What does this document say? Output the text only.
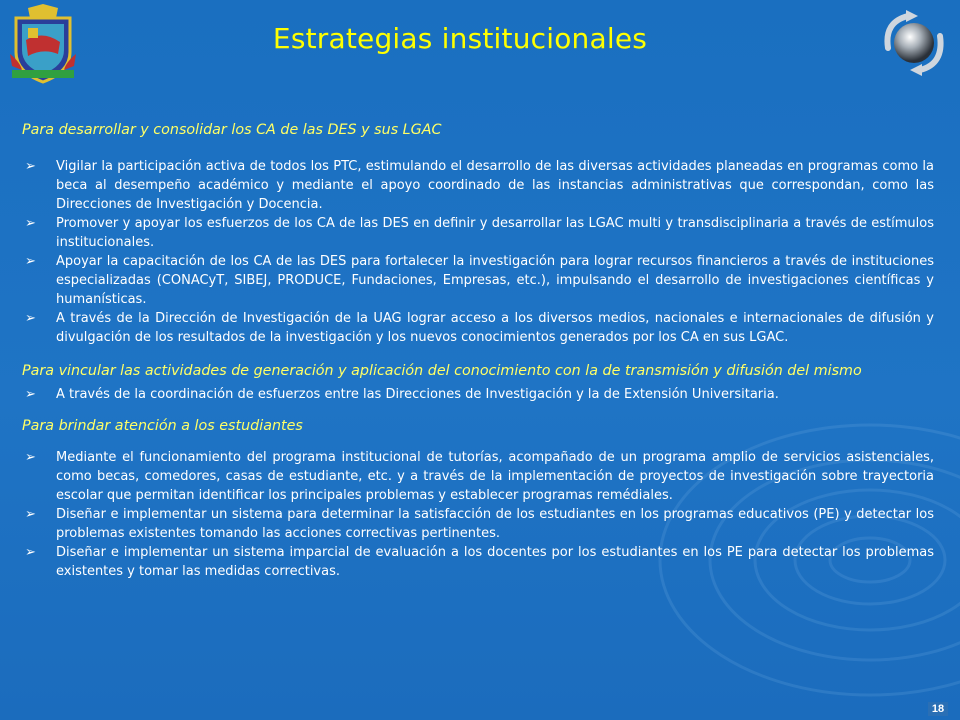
Estrategias institucionales
Para desarrollar y consolidar los CA de las DES y sus LGAC
➢ Vigilar la participación activa de todos los PTC, estimulando el desarrollo de las diversas actividades planeadas en programas como la beca al desempeño académico y mediante el apoyo coordinado de las instancias administrativas que correspondan, como las Direcciones de Investigación y Docencia.
➢ Promover y apoyar los esfuerzos de los CA de las DES en definir y desarrollar las LGAC multi y transdisciplinaria a través de estímulos institucionales.
➢ Apoyar la capacitación de los CA de las DES para fortalecer la investigación para lograr recursos financieros a través de instituciones especializadas (CONACyT, SIBEJ, PRODUCE, Fundaciones, Empresas, etc.), impulsando el desarrollo de investigaciones científicas y humanísticas.
➢ A través de la Dirección de Investigación de la UAG lograr acceso a los diversos medios, nacionales e internacionales de difusión y divulgación de los resultados de la investigación y los nuevos conocimientos generados por los CA en sus LGAC.
Para vincular las actividades de generación y aplicación del conocimiento con la de transmisión y difusión del mismo
➢ A través de la coordinación de esfuerzos entre las Direcciones de Investigación y la de Extensión Universitaria.
Para brindar atención a los estudiantes
➢ Mediante el funcionamiento del programa institucional de tutorías, acompañado de un programa amplio de servicios asistenciales, como becas, comedores, casas de estudiante, etc. y a través de la implementación de proyectos de investigación sobre trayectoria escolar que permitan identificar los principales problemas y establecer programas remédiales.
➢ Diseñar e implementar un sistema para determinar la satisfacción de los estudiantes en los programas educativos (PE) y detectar los problemas existentes tomando las acciones correctivas pertinentes.
➢ Diseñar e implementar un sistema imparcial de evaluación a los docentes por los estudiantes en los PE para detectar los problemas existentes y tomar las medidas correctivas.
18
